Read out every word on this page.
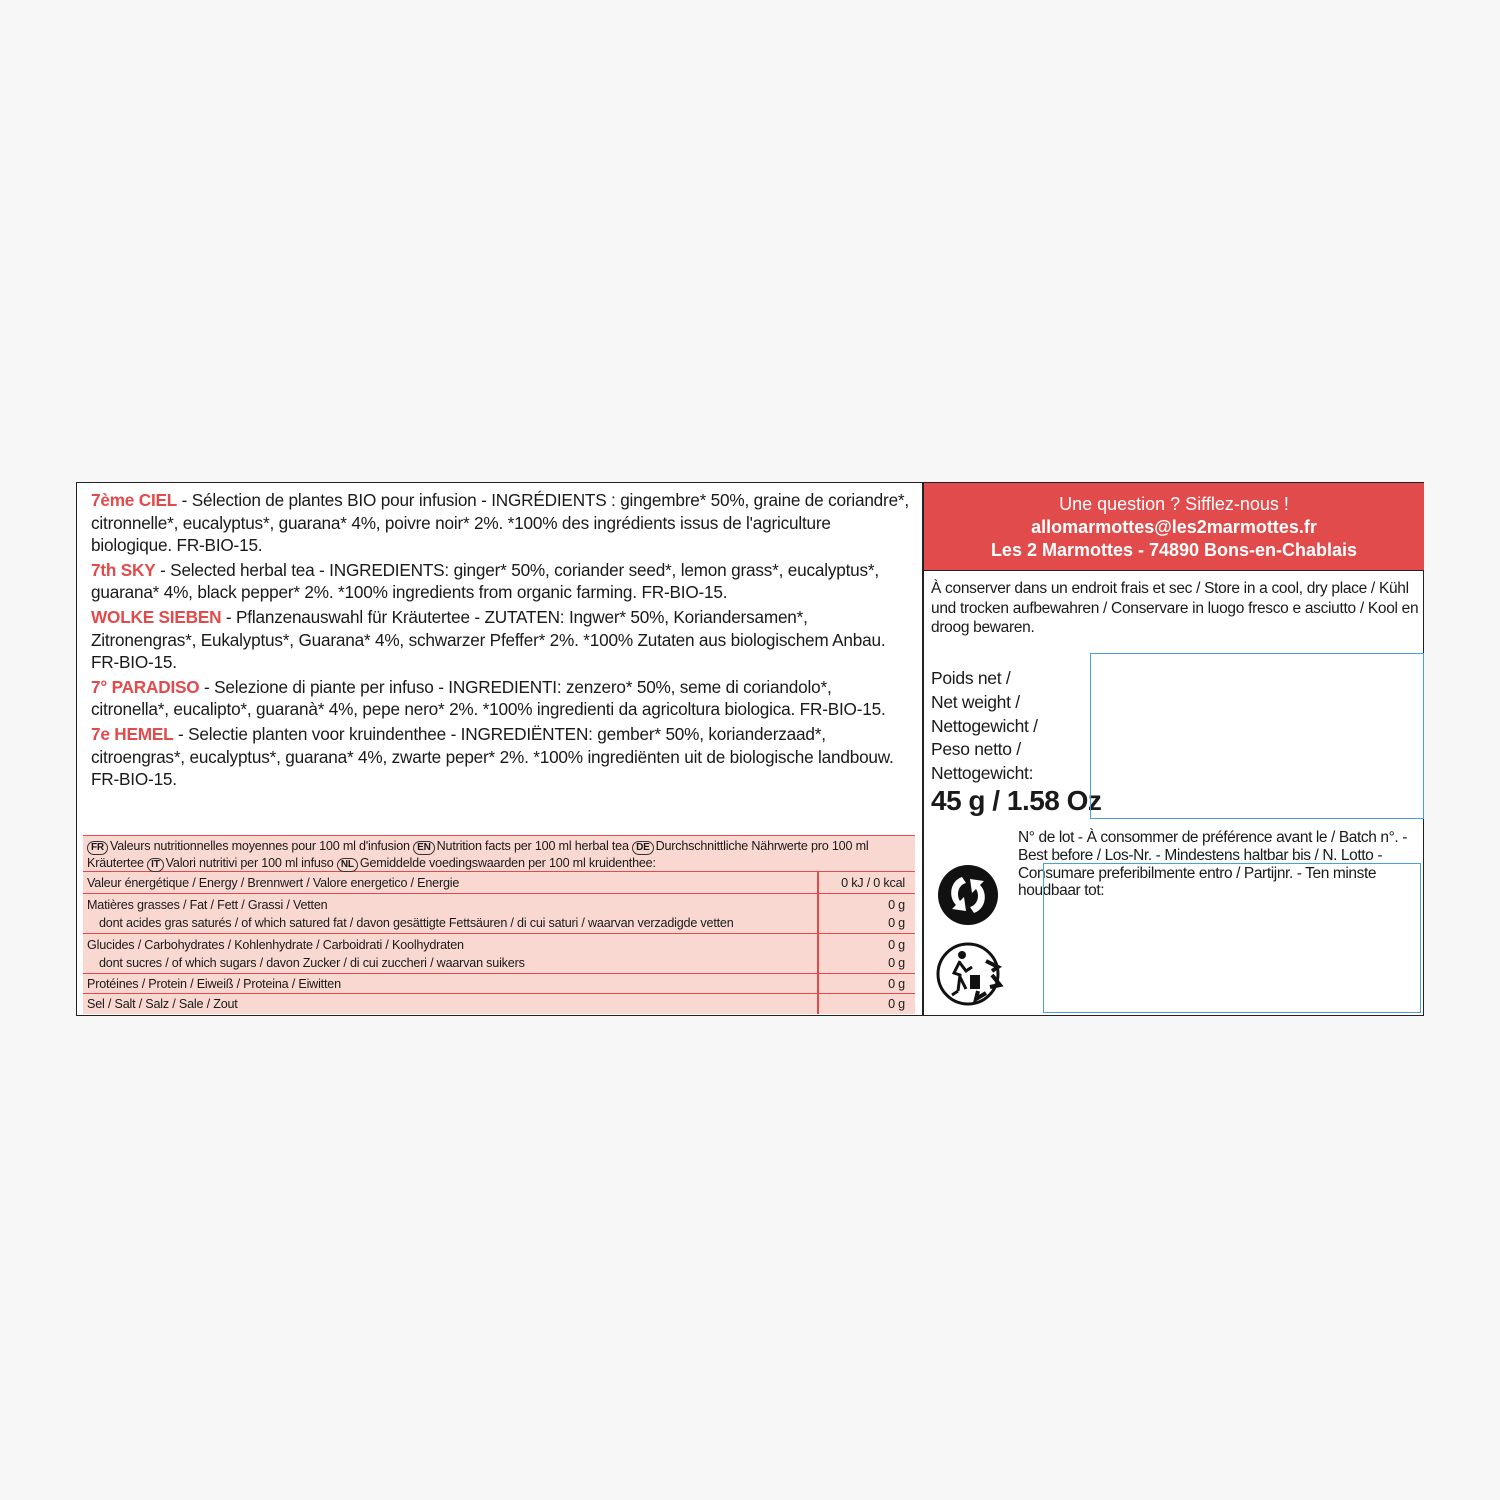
7ème CIEL - Sélection de plantes BIO pour infusion - INGRÉDIENTS : gingembre* 50%, graine de coriandre*, citronnelle*, eucalyptus*, guarana* 4%, poivre noir* 2%. *100% des ingrédients issus de l'agriculture biologique. FR-BIO-15.

7th SKY - Selected herbal tea - INGREDIENTS: ginger* 50%, coriander seed*, lemon grass*, eucalyptus*, guarana* 4%, black pepper* 2%. *100% ingredients from organic farming. FR-BIO-15.

WOLKE SIEBEN - Pflanzenauswahl für Kräutertee - ZUTATEN: Ingwer* 50%, Koriandersamen*, Zitronengras*, Eukalyptus*, Guarana* 4%, schwarzer Pfeffer* 2%. *100% Zutaten aus biologischem Anbau. FR-BIO-15.

7° PARADISO - Selezione di piante per infuso - INGREDIENTI: zenzero* 50%, seme di coriandolo*, citronella*, eucalipto*, guaranà* 4%, pepe nero* 2%. *100% ingredienti da agricoltura biologica. FR-BIO-15.

7e HEMEL - Selectie planten voor kruindenthee - INGREDIËNTEN: gember* 50%, korianderzaad*, citroengras*, eucalyptus*, guarana* 4%, zwarte peper* 2%. *100% ingrediënten uit de biologische landbouw. FR-BIO-15.

FR Valeurs nutritionnelles moyennes pour 100 ml d'infusion EN Nutrition facts per 100 ml herbal tea DE Durchschnittliche Nährwerte pro 100 ml Kräutertee IT Valori nutritivi per 100 ml infuso NL Gemiddelde voedingswaarden per 100 ml kruidenthee:
Valeur énergétique / Energy / Brennwert / Valore energetico / Energie	0 kJ / 0 kcal
Matières grasses / Fat / Fett / Grassi / Vetten	0 g
dont acides gras saturés / of which satured fat / davon gesättigte Fettsäuren / di cui saturi / waarvan verzadigde vetten	0 g
Glucides / Carbohydrates / Kohlenhydrate / Carboidrati / Koolhydraten	0 g
dont sucres / of which sugars / davon Zucker / di cui zuccheri / waarvan suikers	0 g
Protéines / Protein / Eiweiß / Proteina / Eiwitten	0 g
Sel / Salt / Salz / Sale / Zout	0 g
Une question ? Sifflez-nous !
allomarmottes@les2marmottes.fr
Les 2 Marmottes - 74890 Bons-en-Chablais
À conserver dans un endroit frais et sec / Store in a cool, dry place / Kühl und trocken aufbewahren / Conservare in luogo fresco e asciutto / Kool en droog bewaren.
Poids net /
Net weight /
Nettogewicht /
Peso netto /
Nettogewicht:
45 g / 1.58 Oz
N° de lot - À consommer de préférence avant le / Batch n°. - Best before / Los-Nr. - Mindestens haltbar bis / N. Lotto - Consumare preferibilmente entro / Partijnr. - Ten minste houdbaar tot:
